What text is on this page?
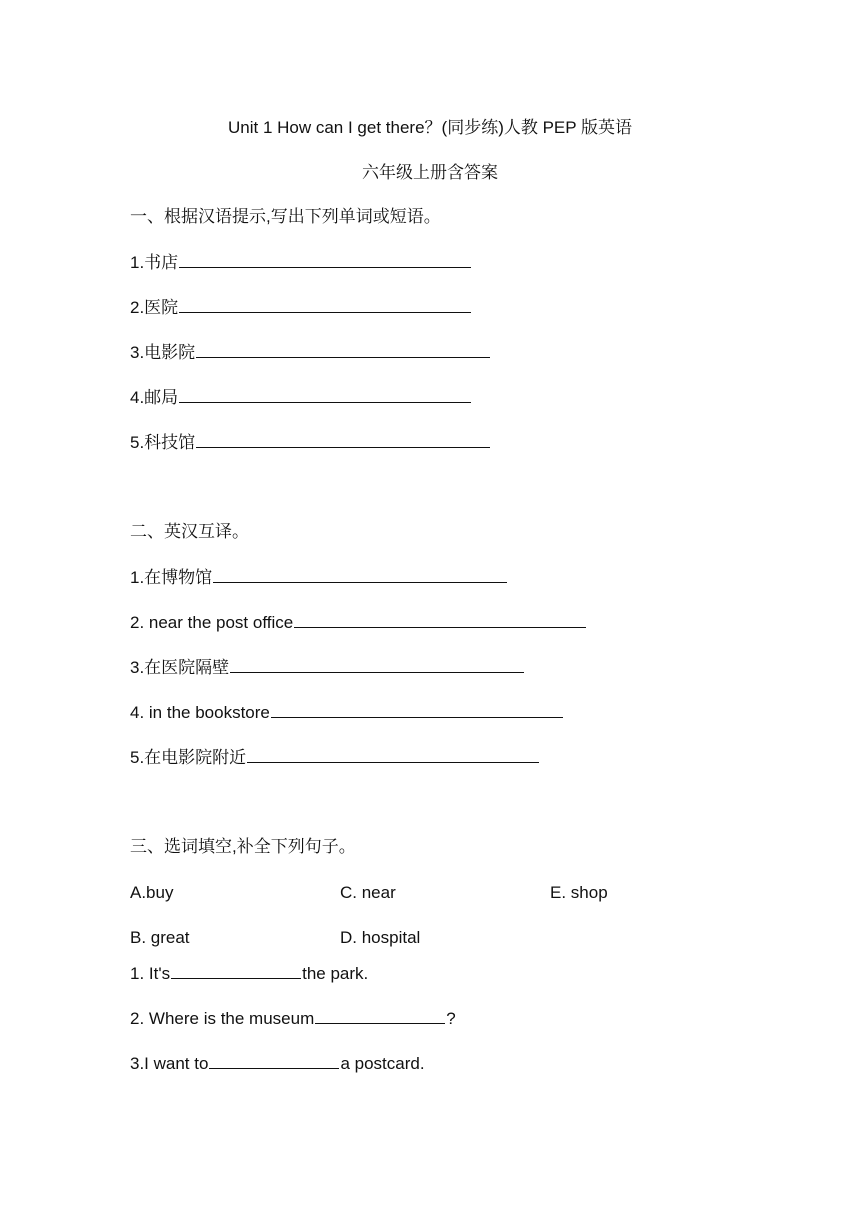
Unit 1 How can I get there？(同步练)人教 PEP 版英语
六年级上册含答案
一、根据汉语提示,写出下列单词或短语。
1.书店
2.医院
3.电影院
4.邮局
5.科技馆
二、英汉互译。
1.在博物馆
2. near the post office
3.在医院隔壁
4. in the bookstore
5.在电影院附近
三、选词填空,补全下列句子。
A.buy	C. near	E. shop
B. great	D. hospital
1. It's	the park.
2. Where is the museum	?
3.I want to	a postcard.
